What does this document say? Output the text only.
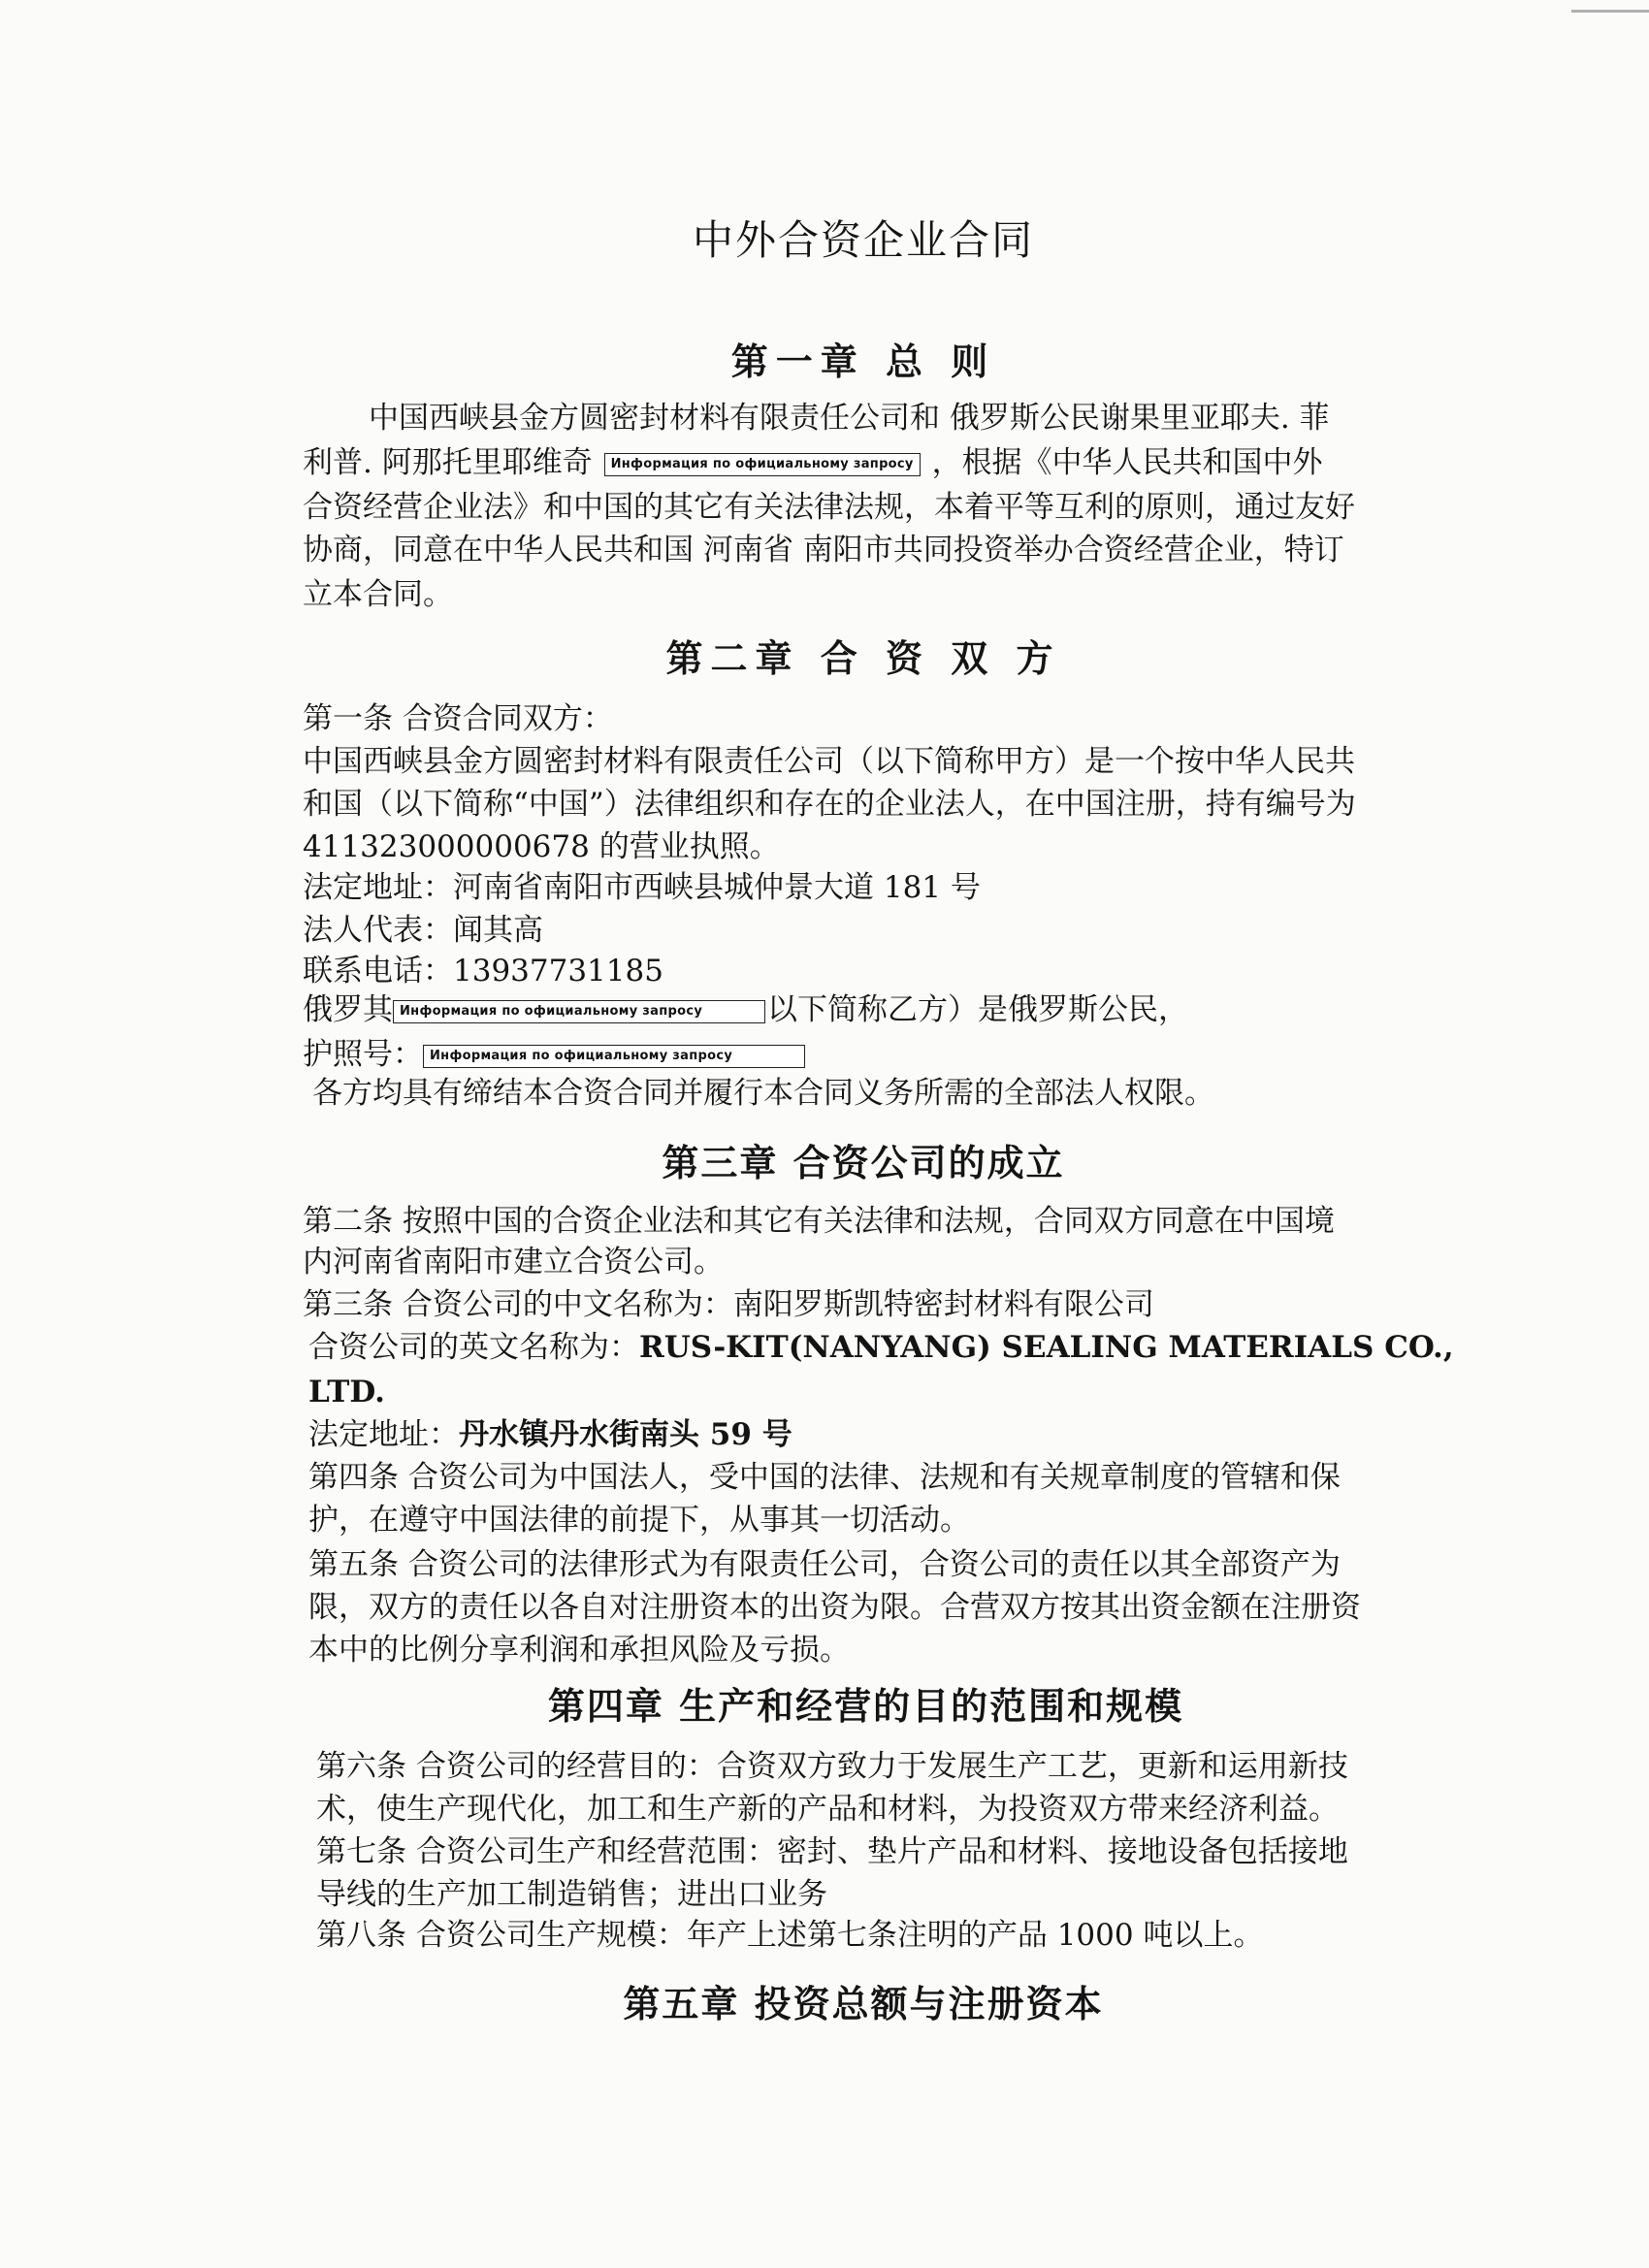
中外合资企业合同
第一章 总 则
中国西峡县金方圆密封材料有限责任公司和 俄罗斯公民谢果里亚耶夫. 菲
利普. 阿那托里耶维奇 Информация по официальному запросу ，根据《中华人民共和国中外
合资经营企业法》和中国的其它有关法律法规，本着平等互利的原则，通过友好
协商，同意在中华人民共和国 河南省 南阳市共同投资举办合资经营企业，特订
立本合同。
第二章 合 资 双 方
第一条 合资合同双方：
中国西峡县金方圆密封材料有限责任公司（以下简称甲方）是一个按中华人民共
和国（以下简称“中国”）法律组织和存在的企业法人，在中国注册，持有编号为
411323000000678 的营业执照。
法定地址：河南省南阳市西峡县城仲景大道 181 号
法人代表：闻其高
联系电话：13937731185
俄罗其 Информация по официальному запросу 以下简称乙方）是俄罗斯公民，
护照号： Информация по официальному запросу
各方均具有缔结本合资合同并履行本合同义务所需的全部法人权限。
第三章 合资公司的成立
第二条 按照中国的合资企业法和其它有关法律和法规，合同双方同意在中国境
内河南省南阳市建立合资公司。
第三条 合资公司的中文名称为：南阳罗斯凯特密封材料有限公司
合资公司的英文名称为：RUS-KIT(NANYANG) SEALING MATERIALS CO.,
LTD.
法定地址：丹水镇丹水街南头 59 号
第四条 合资公司为中国法人，受中国的法律、法规和有关规章制度的管辖和保
护，在遵守中国法律的前提下，从事其一切活动。
第五条 合资公司的法律形式为有限责任公司，合资公司的责任以其全部资产为
限，双方的责任以各自对注册资本的出资为限。合营双方按其出资金额在注册资
本中的比例分享利润和承担风险及亏损。
第四章 生产和经营的目的范围和规模
第六条 合资公司的经营目的：合资双方致力于发展生产工艺，更新和运用新技
术，使生产现代化，加工和生产新的产品和材料，为投资双方带来经济利益。
第七条 合资公司生产和经营范围：密封、垫片产品和材料、接地设备包括接地
导线的生产加工制造销售；进出口业务
第八条 合资公司生产规模：年产上述第七条注明的产品 1000 吨以上。
第五章 投资总额与注册资本
